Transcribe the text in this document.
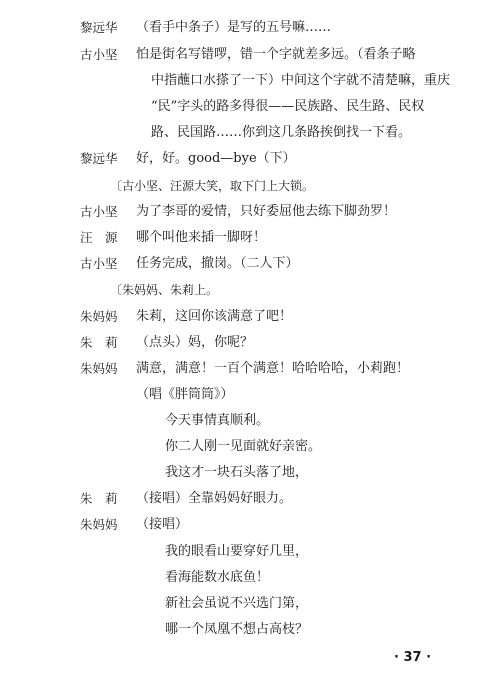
黎远华 （看手中条子）是写的五号嘛……
古小坚 怕是街名写错啰，错一个字就差多远。（看条子略
中指蘸口水搽了一下）中间这个字就不清楚嘛，重庆
“民”字头的路多得很——民族路、民生路、民权
路、民国路……你到这几条路挨倒找一下看。
黎远华 好，好。good—bye（下）
〔古小坚、汪源大笑，取下门上大锁。
古小坚 为了李哥的爱情，只好委屈他去练下脚劲罗！
汪　源 哪个叫他来插一脚呀！
古小坚 任务完成，撤岗。（二人下）
〔朱妈妈、朱莉上。
朱妈妈 朱莉，这回你该满意了吧！
朱　莉 （点头）妈，你呢？
朱妈妈 满意，满意！一百个满意！哈哈哈哈，小莉跑！
（唱《胖筒筒》）
今天事情真顺利。
你二人刚一见面就好亲密。
我这才一块石头落了地，
朱　莉 （接唱）全靠妈妈好眼力。
朱妈妈 （接唱）
我的眼看山要穿好几里，
看海能数水底鱼！
新社会虽说不兴选门第，
哪一个凤凰不想占高枝？
· 37 ·
